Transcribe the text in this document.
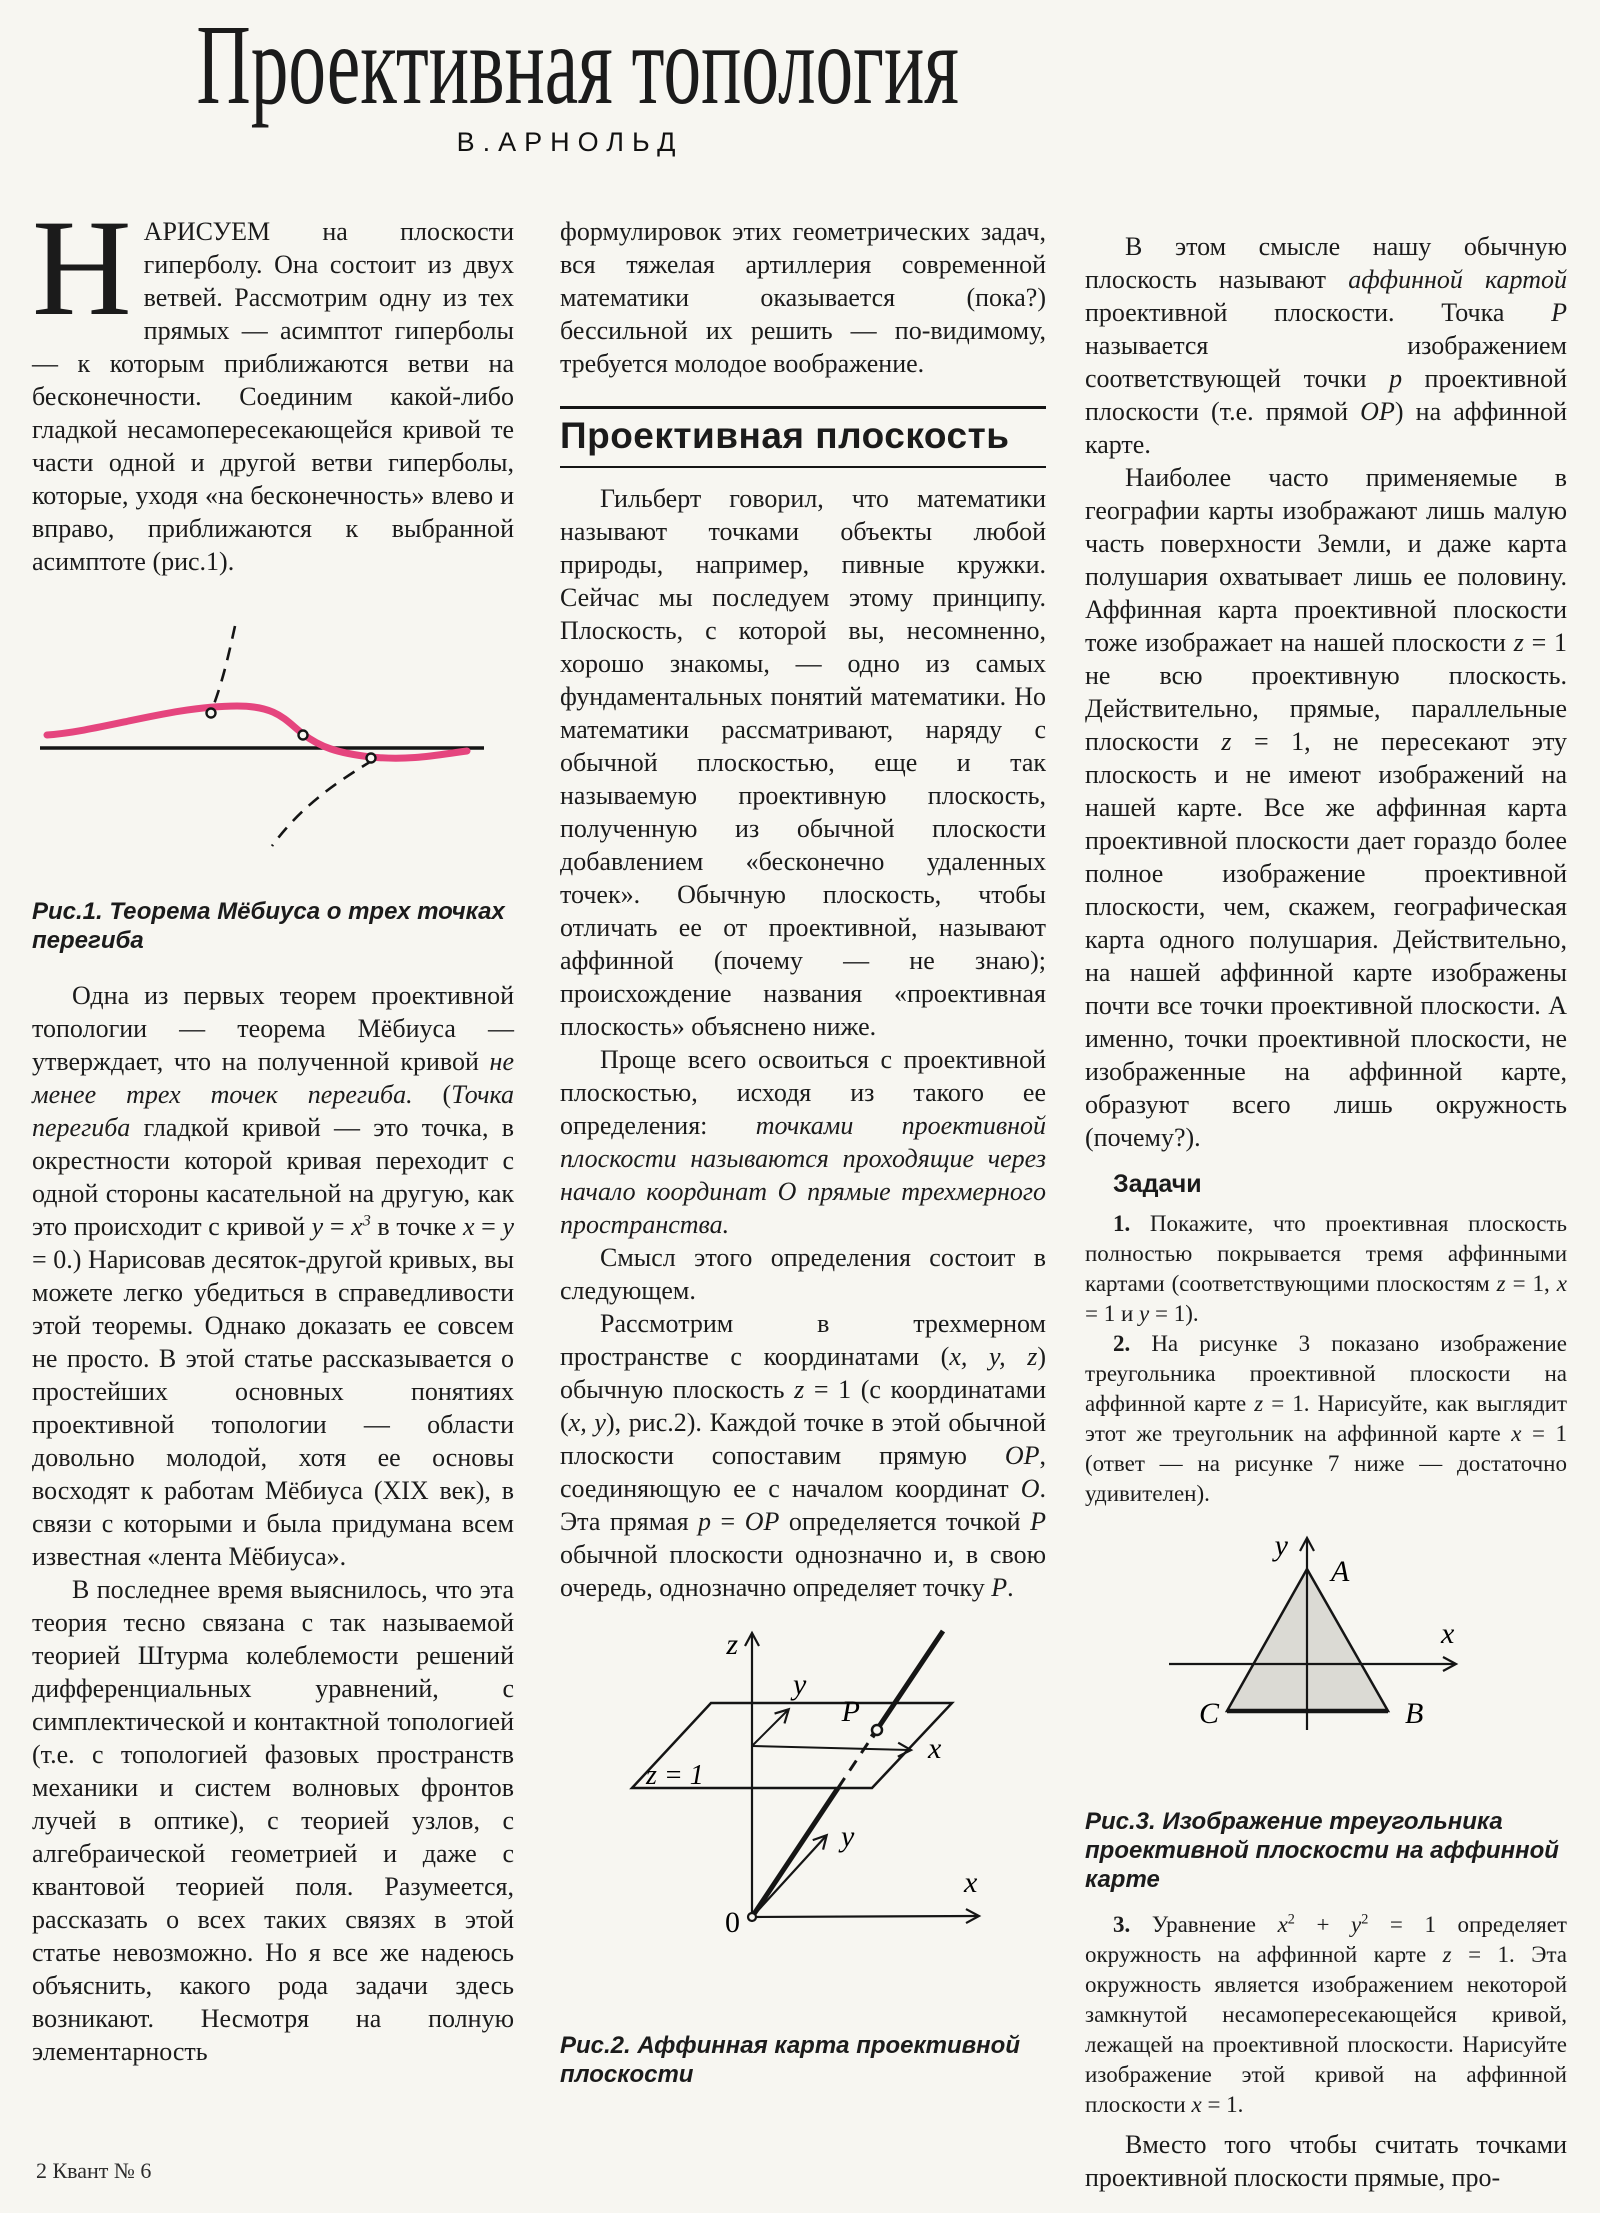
Проективная топология
В.АРНОЛЬД

НАРИСУЕМ на плоскости гиперболу. Она состоит из двух ветвей. Рассмотрим одну из тех прямых — асимптот гиперболы — к которым приближаются ветви на бесконечности. Соединим какой-либо гладкой несамопересекающейся кривой те части одной и другой ветви гиперболы, которые, уходя «на бесконечность» влево и вправо, приближаются к выбранной асимптоте (рис.1).

Рис.1. Теорема Мёбиуса о трех точках перегиба

Одна из первых теорем проективной топологии — теорема Мёбиуса — утверждает, что на полученной кривой не менее трех точек перегиба. (Точка перегиба гладкой кривой — это точка, в окрестности которой кривая переходит с одной стороны касательной на другую, как это происходит с кривой $y = x^3$ в точке x = y = 0.) Нарисовав десяток-другой кривых, вы можете легко убедиться в справедливости этой теоремы. Однако доказать ее совсем не просто. В этой статье рассказывается о простейших основных понятиях проективной топологии — области довольно молодой, хотя ее основы восходят к работам Мёбиуса (XIX век), в связи с которыми и была придумана всем известная «лента Мёбиуса».

В последнее время выяснилось, что эта теория тесно связана с так называемой теорией Штурма колеблемости решений дифференциальных уравнений, с симплектической и контактной топологией (т.е. с топологией фазовых пространств механики и систем волновых фронтов лучей в оптике), с теорией узлов, с алгебраической геометрией и даже с квантовой теорией поля. Разумеется, рассказать о всех таких связях в этой статье невозможно. Но я все же надеюсь объяснить, какого рода задачи здесь возникают. Несмотря на полную элементарность

формулировок этих геометрических задач, вся тяжелая артиллерия современной математики оказывается (пока?) бессильной их решить — по-видимому, требуется молодое воображение.

Проективная плоскость

Гильберт говорил, что математики называют точками объекты любой природы, например, пивные кружки. Сейчас мы последуем этому принципу. Плоскость, с которой вы, несомненно, хорошо знакомы, — одно из самых фундаментальных понятий математики. Но математики рассматривают, наряду с обычной плоскостью, еще и так называемую проективную плоскость, полученную из обычной плоскости добавлением «бесконечно удаленных точек». Обычную плоскость, чтобы отличать ее от проективной, называют аффинной (почему — не знаю); происхождение названия «проективная плоскость» объяснено ниже.

Проще всего освоиться с проективной плоскостью, исходя из такого ее определения: точками проективной плоскости называются проходящие через начало координат О прямые трехмерного пространства.

Смысл этого определения состоит в следующем.

Рассмотрим в трехмерном пространстве с координатами (x, y, z) обычную плоскость z = 1 (с координатами (x, y), рис.2). Каждой точке в этой обычной плоскости сопоставим прямую OP, соединяющую ее с началом координат O. Эта прямая p = OP определяется точкой P обычной плоскости однозначно и, в свою очередь, однозначно определяет точку P.

z
y
P
x
z = 1
y
x
0
Рис.2. Аффинная карта проективной плоскости

В этом смысле нашу обычную плоскость называют аффинной картой проективной плоскости. Точка P называется изображением соответствующей точки p проективной плоскости (т.е. прямой OP) на аффинной карте.

Наиболее часто применяемые в географии карты изображают лишь малую часть поверхности Земли, и даже карта полушария охватывает лишь ее половину. Аффинная карта проективной плоскости тоже изображает на нашей плоскости z = 1 не всю проективную плоскость. Действительно, прямые, параллельные плоскости z = 1, не пересекают эту плоскость и не имеют изображений на нашей карте. Все же аффинная карта проективной плоскости дает гораздо более полное изображение проективной плоскости, чем, скажем, географическая карта одного полушария. Действительно, на нашей аффинной карте изображены почти все точки проективной плоскости. А именно, точки проективной плоскости, не изображенные на аффинной карте, образуют всего лишь окружность (почему?).

Задачи

1. Покажите, что проективная плоскость полностью покрывается тремя аффинными картами (соответствующими плоскостям z = 1, x = 1 и y = 1).

2. На рисунке 3 показано изображение треугольника проективной плоскости на аффинной карте z = 1. Нарисуйте, как выглядит этот же треугольник на аффинной карте x = 1 (ответ — на рисунке 7 ниже — достаточно удивителен).

y
x
A
B
C
Рис.3. Изображение треугольника проективной плоскости на аффинной карте

3. Уравнение $x^2 + y^2 = 1$ определяет окружность на аффинной карте z = 1. Эта окружность является изображением некоторой замкнутой несамопересекающейся кривой, лежащей на проективной плоскости. Нарисуйте изображение этой кривой на аффинной плоскости x = 1.

Вместо того чтобы считать точками проективной плоскости прямые, про-

2 Квант № 6
